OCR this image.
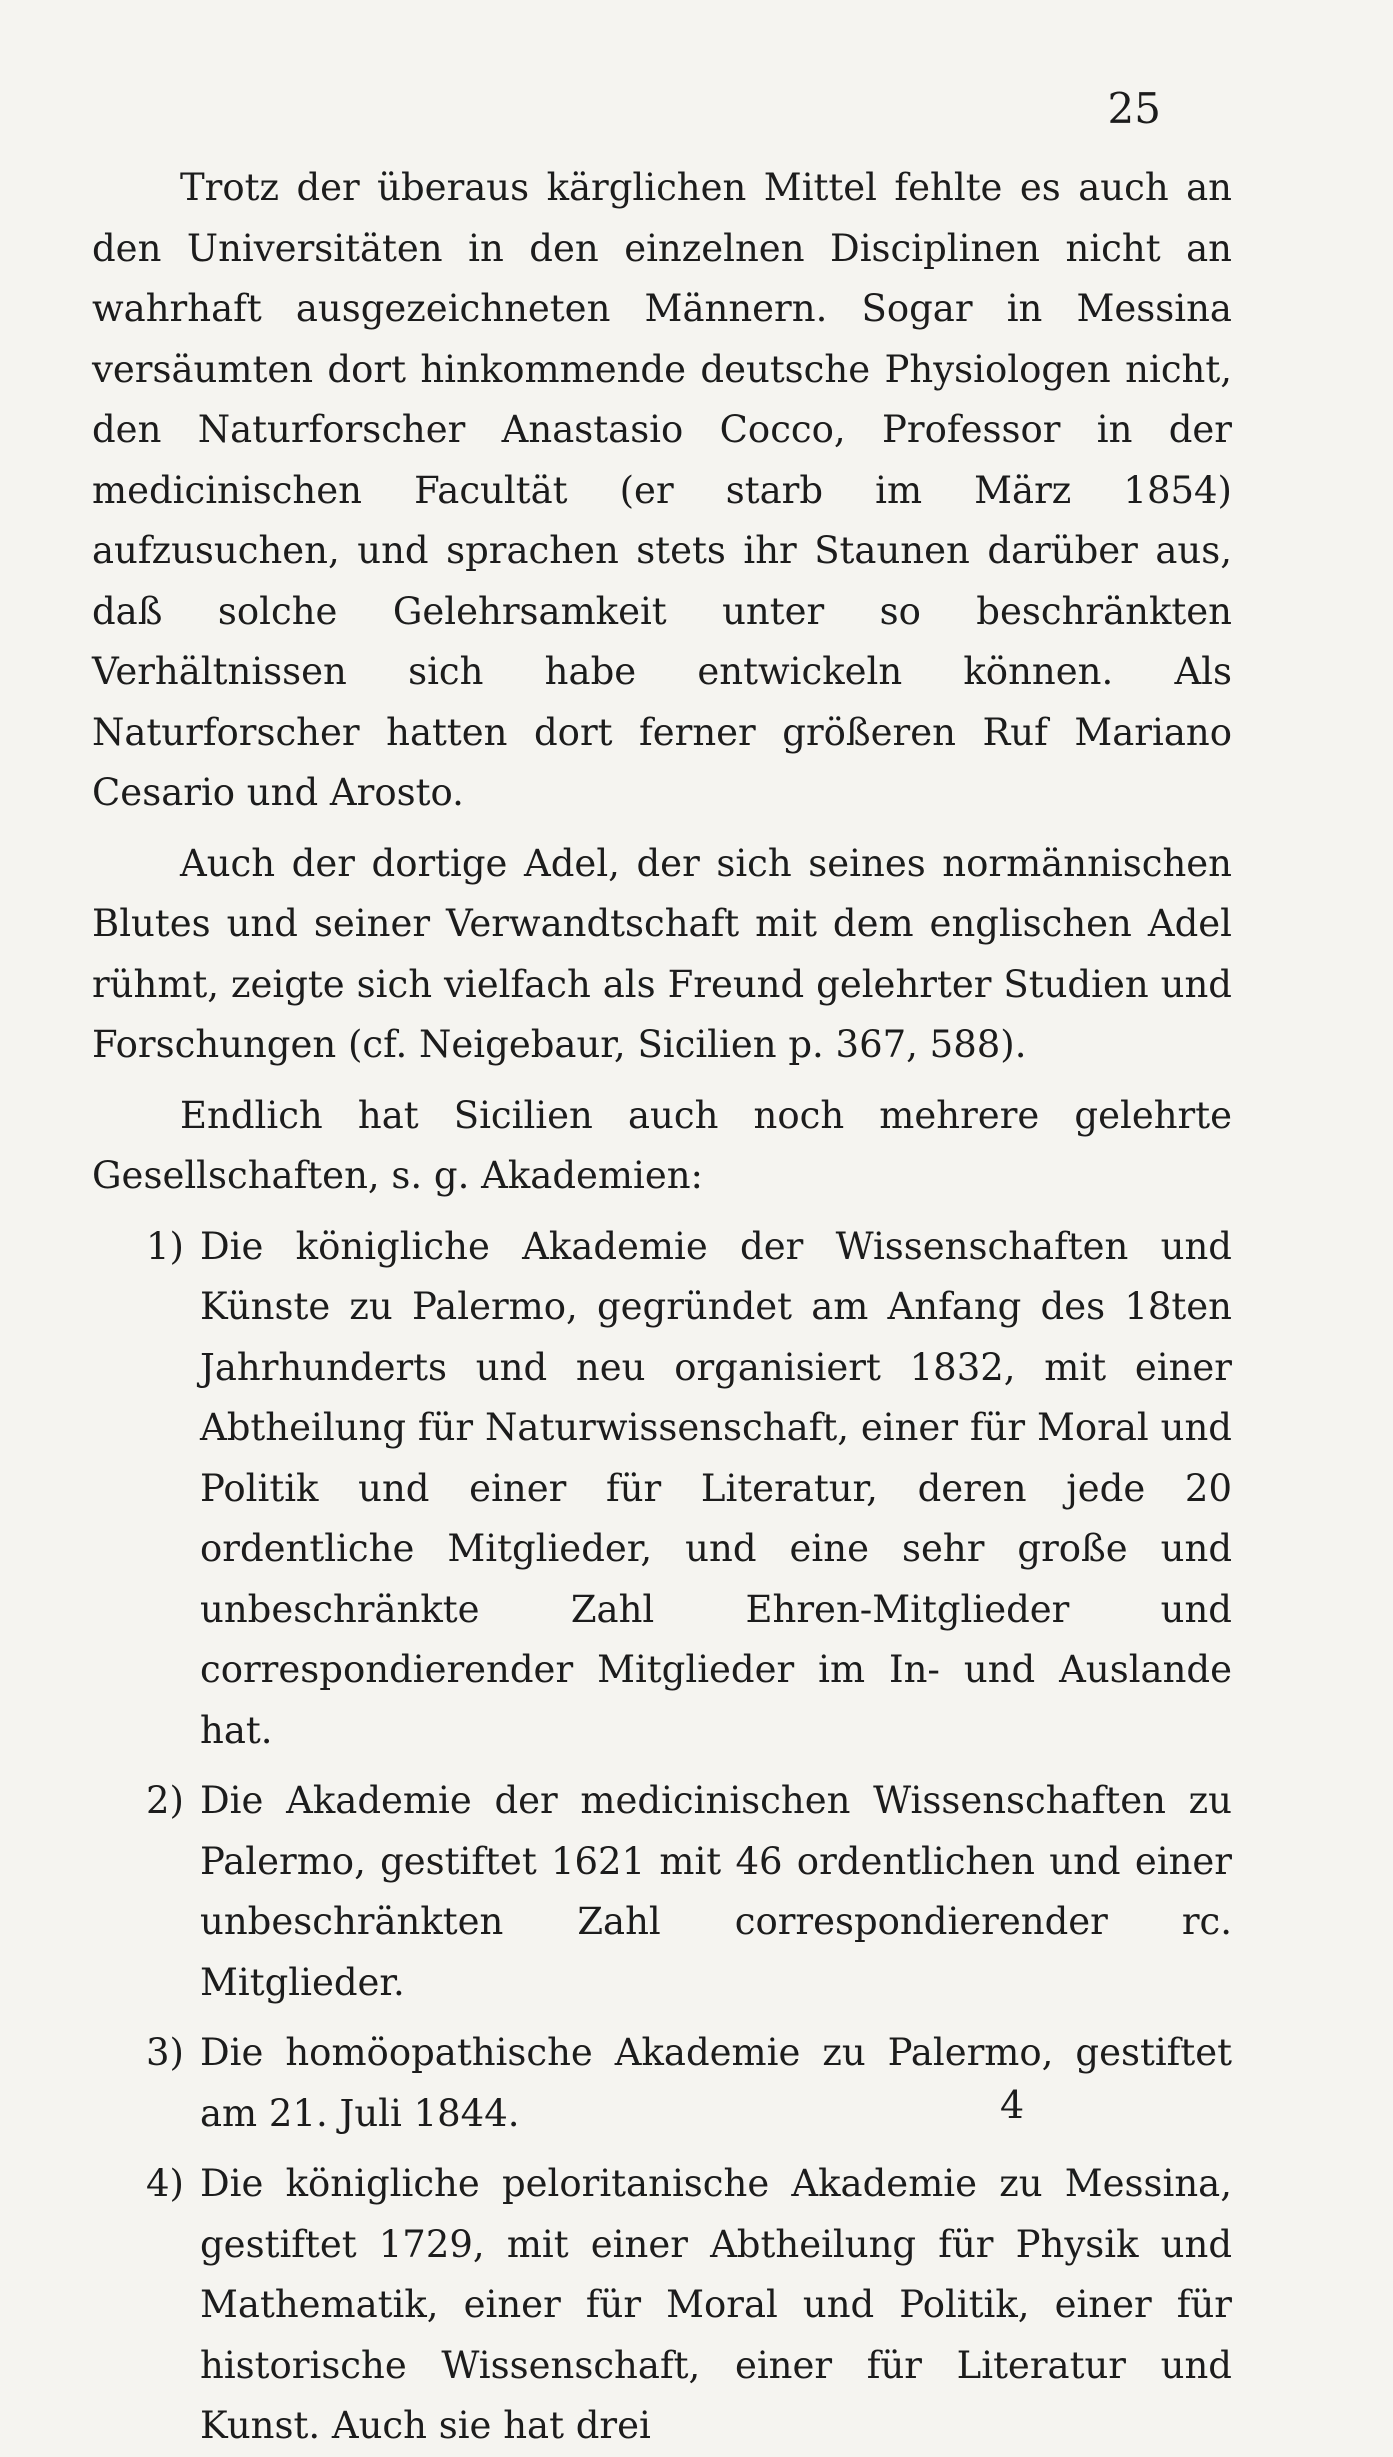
25

Trotz der überaus kärglichen Mittel fehlte es auch an den Universitäten in den einzelnen Disciplinen nicht an wahrhaft ausgezeichneten Männern. Sogar in Messina versäumten dort hinkommende deutsche Physiologen nicht, den Naturforscher Anastasio Cocco, Professor in der medicinischen Facultät (er starb im März 1854) aufzusuchen, und sprachen stets ihr Staunen darüber aus, daß solche Gelehrsamkeit unter so beschränkten Verhältnissen sich habe entwickeln können. Als Naturforscher hatten dort ferner größeren Ruf Mariano Cesario und Arosto.

Auch der dortige Adel, der sich seines normännischen Blutes und seiner Verwandtschaft mit dem englischen Adel rühmt, zeigte sich vielfach als Freund gelehrter Studien und Forschungen (cf. Neigebaur, Sicilien p. 367, 588).

Endlich hat Sicilien auch noch mehrere gelehrte Gesellschaften, s. g. Akademien:

1) Die königliche Akademie der Wissenschaften und Künste zu Palermo, gegründet am Anfang des 18ten Jahrhunderts und neu organisiert 1832, mit einer Abtheilung für Naturwissenschaft, einer für Moral und Politik und einer für Literatur, deren jede 20 ordentliche Mitglieder, und eine sehr große und unbeschränkte Zahl Ehren-Mitglieder und correspondierender Mitglieder im In- und Auslande hat.
2) Die Akademie der medicinischen Wissenschaften zu Palermo, gestiftet 1621 mit 46 ordentlichen und einer unbeschränkten Zahl correspondierender rc. Mitglieder.
3) Die homöopathische Akademie zu Palermo, gestiftet am 21. Juli 1844.
4) Die königliche peloritanische Akademie zu Messina, gestiftet 1729, mit einer Abtheilung für Physik und Mathematik, einer für Moral und Politik, einer für historische Wissenschaft, einer für Literatur und Kunst. Auch sie hat drei
4
